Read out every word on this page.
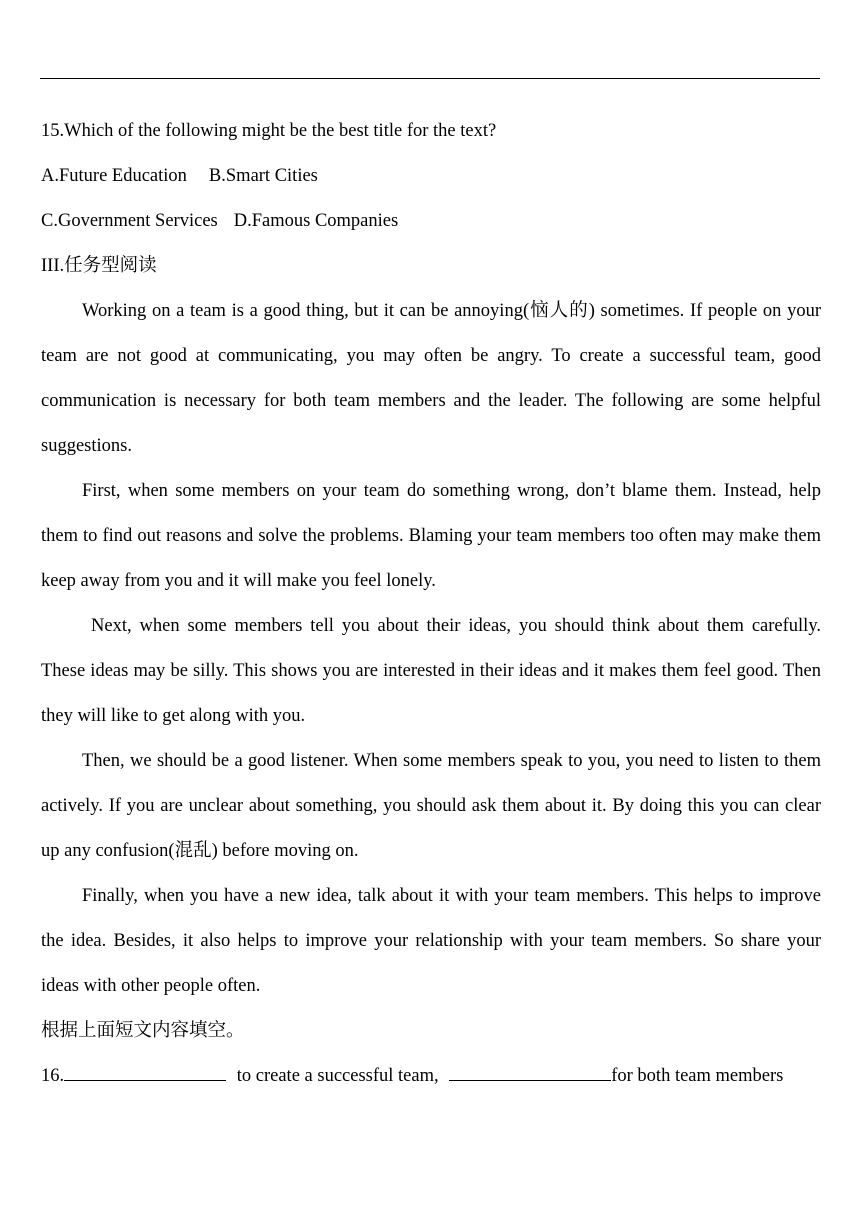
15.Which of the following might be the best title for the text?
A.Future Education B.Smart Cities
C.Government Services D.Famous Companies
III.任务型阅读

Working on a team is a good thing, but it can be annoying(恼人的) sometimes. If people on your team are not good at communicating, you may often be angry. To create a successful team, good communication is necessary for both team members and the leader. The following are some helpful suggestions.

First, when some members on your team do something wrong, don’t blame them. Instead, help them to find out reasons and solve the problems. Blaming your team members too often may make them keep away from you and it will make you feel lonely.

Next, when some members tell you about their ideas, you should think about them carefully. These ideas may be silly. This shows you are interested in their ideas and it makes them feel good. Then they will like to get along with you.

Then, we should be a good listener. When some members speak to you, you need to listen to them actively. If you are unclear about something, you should ask them about it. By doing this you can clear up any confusion(混乱) before moving on.

Finally, when you have a new idea, talk about it with your team members. This helps to improve the idea. Besides, it also helps to improve your relationship with your team members. So share your ideas with other people often.

根据上面短文内容填空。
16.	to create a successful team,	for both team members
